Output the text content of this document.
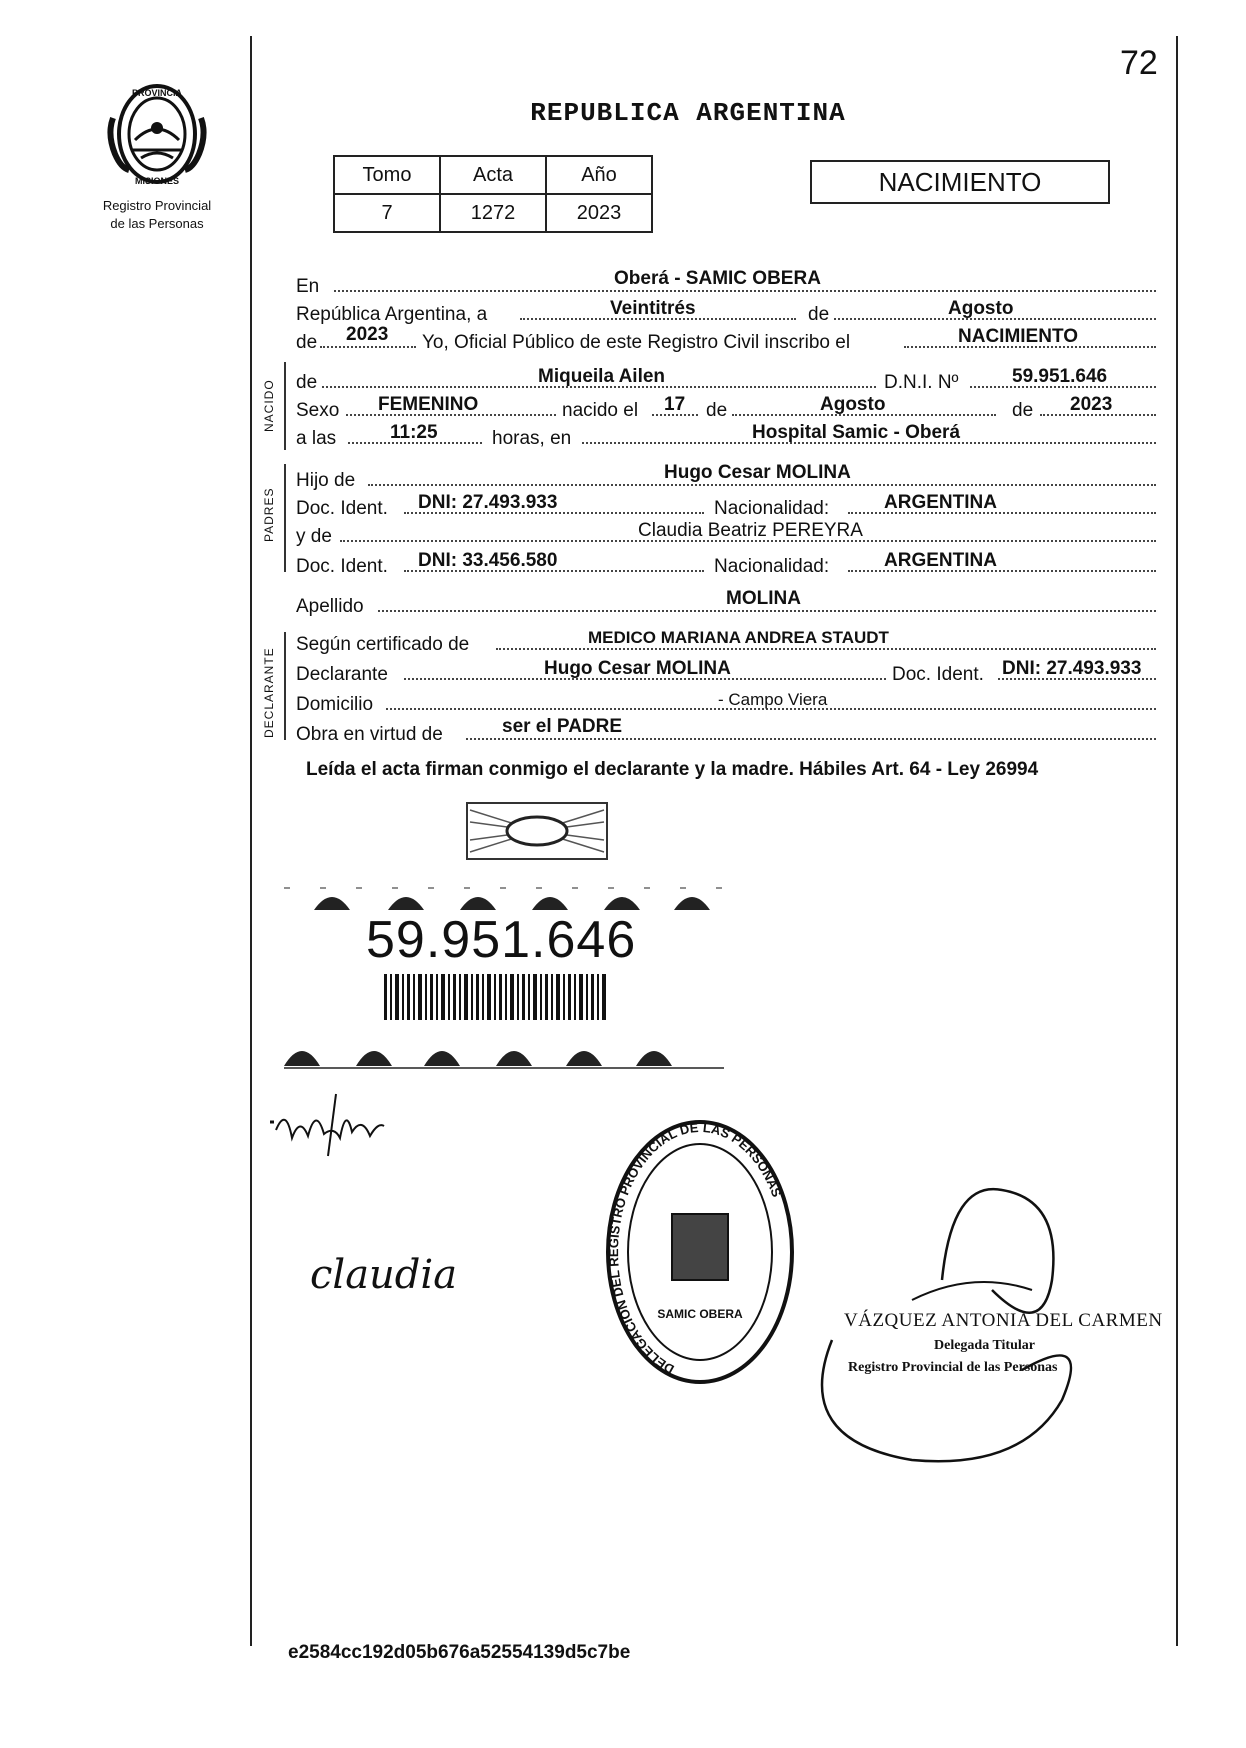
72
PROVINCIA
MISIONES
Registro Provincial
de las Personas
REPUBLICA ARGENTINA
Tomo	Acta	Año
7	1272	2023
NACIMIENTO
En	Oberá - SAMIC OBERA
República Argentina, a	Veintitrés	de	Agosto
de 2023 Yo, Oficial Público de este Registro Civil inscribo el	NACIMIENTO
NACIDO de	Miqueila Ailen	D.N.I. Nº	59.951.646
Sexo FEMENINO	nacido el 17 de	Agosto	de 2023
a las	11:25	horas, en	Hospital Samic - Oberá
PADRES
Hijo de	Hugo Cesar MOLINA
Doc. Ident. DNI: 27.493.933	Nacionalidad:	ARGENTINA
y de	Claudia Beatriz PEREYRA
Doc. Ident. DNI: 33.456.580	Nacionalidad:	ARGENTINA
Apellido	MOLINA
DECLARANTE
Según certificado de	MEDICO MARIANA ANDREA STAUDT
Declarante	Hugo Cesar MOLINA	Doc. Ident. DNI: 27.493.933
Domicilio	- Campo Viera
Obra en virtud de	ser el PADRE
Leída el acta firman conmigo el declarante y la madre. Hábiles Art. 64 - Ley 26994
59.951.646
claudia
DELEGACIÓN DEL REGISTRO PROVINCIAL DE LAS PERSONAS
SAMIC OBERA	VÁZQUEZ ANTONIA DEL CARMEN
Delegada Titular
Registro Provincial de las Personas
e2584cc192d05b676a52554139d5c7be
